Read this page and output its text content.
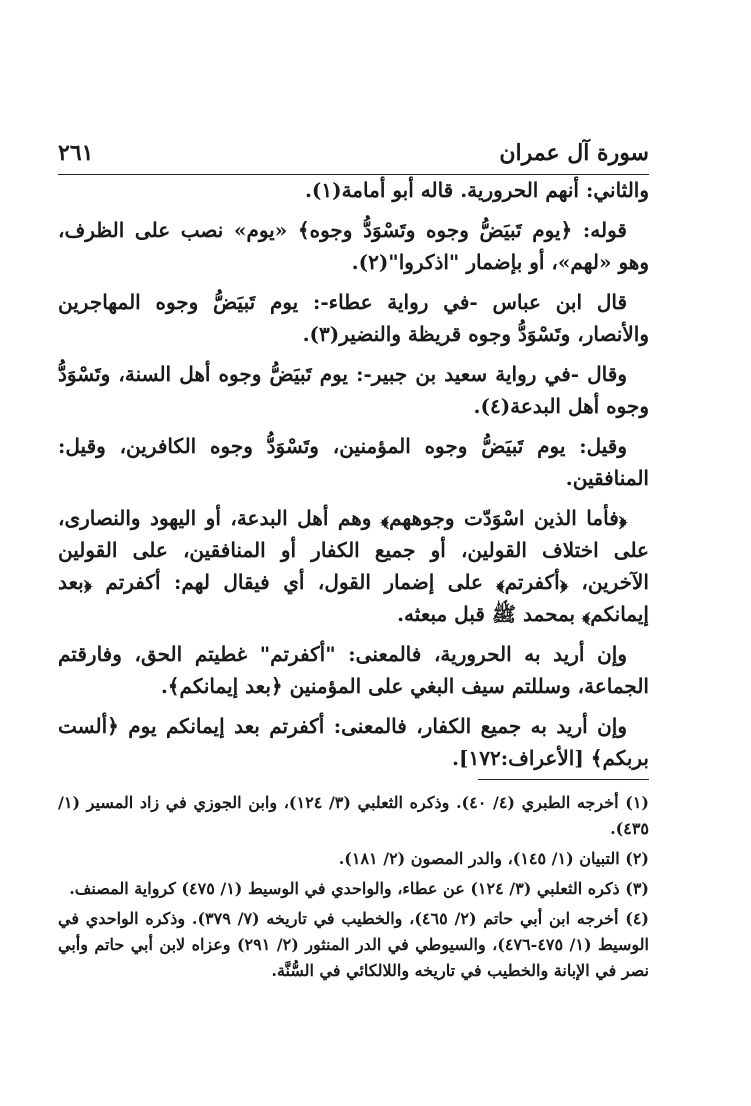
سورة آل عمران
٢٦١

والثاني: أنهم الحرورية. قاله أبو أمامة(١).

قوله: ﴿يوم تَبيَضُّ وجوه وتَسْوَدُّ وجوه﴾ «يوم» نصب على الظرف، وهو «لهم»، أو بإضمار "اذكروا"(٢).

قال ابن عباس -في رواية عطاء-: يوم تَبيَضُّ وجوه المهاجرين والأنصار، وتَسْوَدُّ وجوه قريظة والنضير(٣).

وقال -في رواية سعيد بن جبير-: يوم تَبيَضُّ وجوه أهل السنة، وتَسْوَدُّ وجوه أهل البدعة(٤).

وقيل: يوم تَبيَضُّ وجوه المؤمنين، وتَسْوَدُّ وجوه الكافرين، وقيل: المنافقين.

﴿فأما الذين اسْوَدّت وجوههم﴾ وهم أهل البدعة، أو اليهود والنصارى، على اختلاف القولين، أو جميع الكفار أو المنافقين، على القولين الآخرين، ﴿أكفرتم﴾ على إضمار القول، أي فيقال لهم: أكفرتم ﴿بعد إيمانكم﴾ بمحمد ﷺ قبل مبعثه.

وإن أريد به الحرورية، فالمعنى: "أكفرتم" غطيتم الحق، وفارقتم الجماعة، وسللتم سيف البغي على المؤمنين ﴿بعد إيمانكم﴾.

وإن أريد به جميع الكفار، فالمعنى: أكفرتم بعد إيمانكم يوم ﴿ألست بربكم﴾ [الأعراف:١٧٢].

(١) أخرجه الطبري (٤/ ٤٠). وذكره الثعلبي (٣/ ١٢٤)، وابن الجوزي في زاد المسير (١/ ٤٣٥).
(٢) التبيان (١/ ١٤٥)، والدر المصون (٢/ ١٨١).
(٣) ذكره الثعلبي (٣/ ١٢٤) عن عطاء، والواحدي في الوسيط (١/ ٤٧٥) كرواية المصنف.
(٤) أخرجه ابن أبي حاتم (٢/ ٤٦٥)، والخطيب في تاريخه (٧/ ٣٧٩). وذكره الواحدي في الوسيط (١/ ٤٧٥-٤٧٦)، والسيوطي في الدر المنثور (٢/ ٢٩١) وعزاه لابن أبي حاتم وأبي نصر في الإبانة والخطيب في تاريخه واللالكائي في السُّنَّة.
